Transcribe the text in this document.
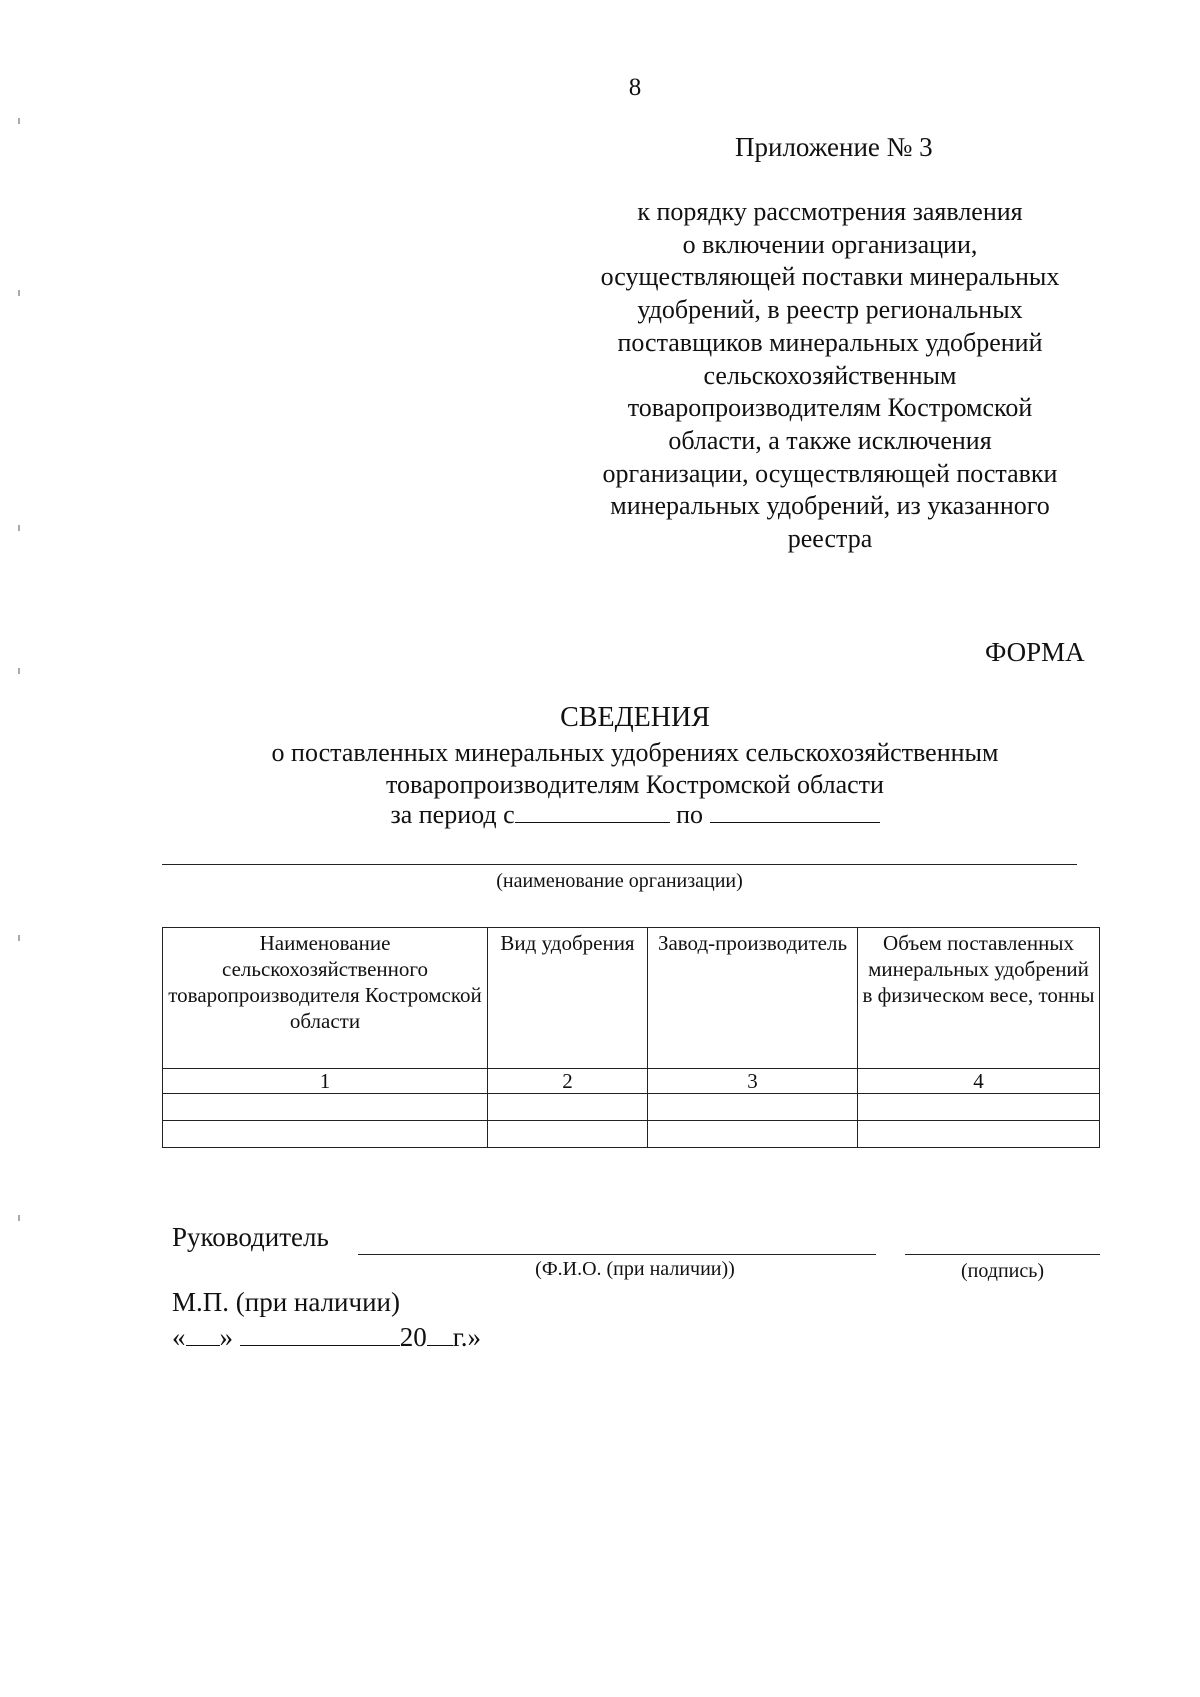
8
Приложение № 3
к порядку рассмотрения заявления
о включении организации,
осуществляющей поставки минеральных
удобрений, в реестр региональных
поставщиков минеральных удобрений
сельскохозяйственным
товаропроизводителям Костромской
области, а также исключения
организации, осуществляющей поставки
минеральных удобрений, из указанного
реестра
ФОРМА
СВЕДЕНИЯ
о поставленных минеральных удобрениях сельскохозяйственным
товаропроизводителям Костромской области
за период с	по
(наименование организации)
Наименование сельскохозяйственного товаропроизводителя Костромской области	Вид удобрения	Завод-производитель	Объем поставленных минеральных удобрений в физическом весе, тонны
1	2	3	4

Руководитель
(Ф.И.О. (при наличии))	(подпись)
М.П. (при наличии)
« »	20 г.»
